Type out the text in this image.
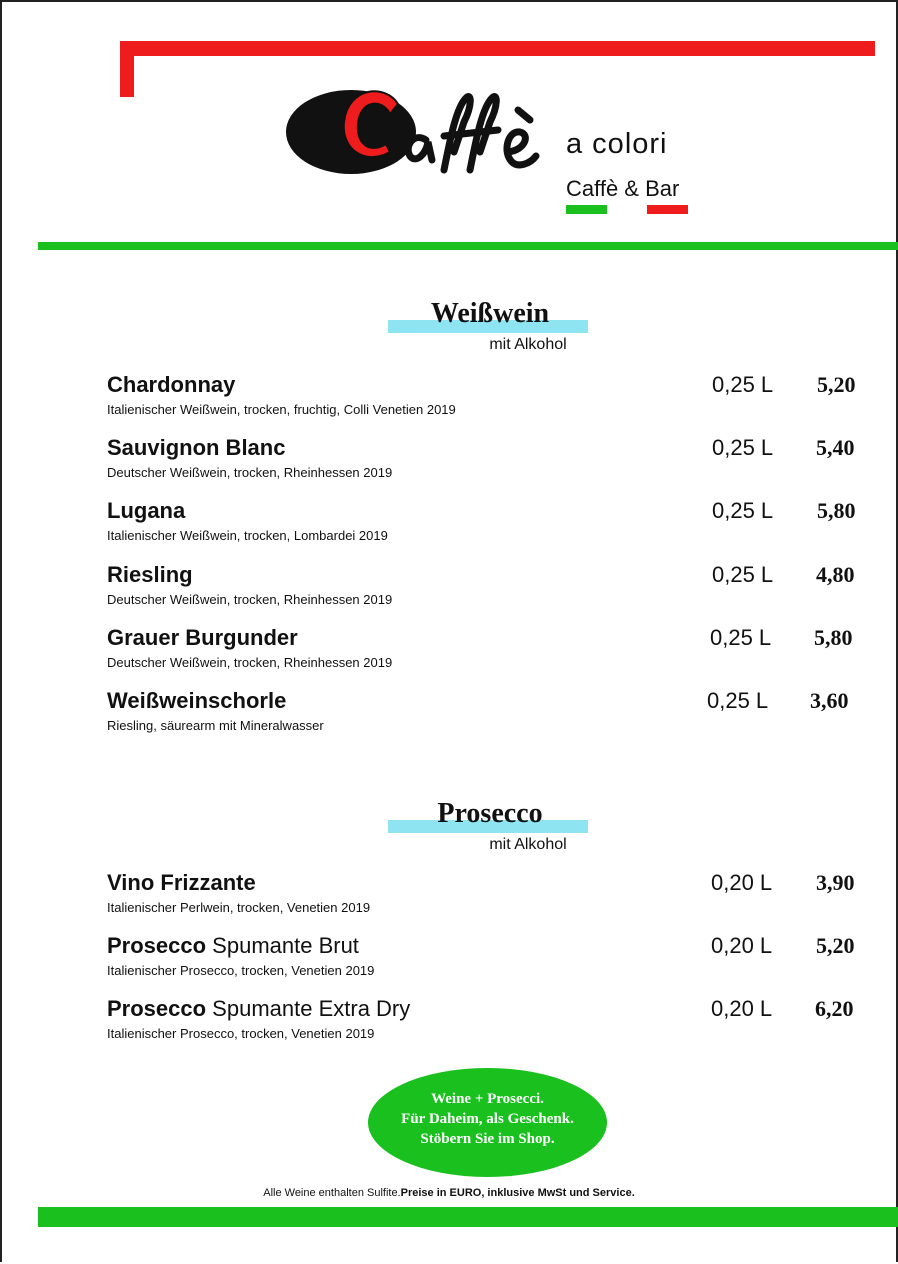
a colori
Caffè & Bar
Weißwein
mit Alkohol
Chardonnay
Italienischer Weißwein, trocken, fruchtig, Colli Venetien 2019
0,25 L 5,20
Sauvignon Blanc
Deutscher Weißwein, trocken, Rheinhessen 2019
0,25 L 5,40
Lugana
Italienischer Weißwein, trocken, Lombardei 2019
0,25 L 5,80
Riesling
Deutscher Weißwein, trocken, Rheinhessen 2019
0,25 L 4,80
Grauer Burgunder
Deutscher Weißwein, trocken, Rheinhessen 2019
0,25 L 5,80
Weißweinschorle
Riesling, säurearm mit Mineralwasser
0,25 L 3,60
Prosecco
mit Alkohol
Vino Frizzante
Italienischer Perlwein, trocken, Venetien 2019
0,20 L 3,90
Prosecco Spumante Brut
Italienischer Prosecco, trocken, Venetien 2019
0,20 L 5,20
Prosecco Spumante Extra Dry
Italienischer Prosecco, trocken, Venetien 2019
0,20 L 6,20
Weine + Prosecci.
Für Daheim, als Geschenk.
Stöbern Sie im Shop.
Alle Weine enthalten Sulfite.Preise in EURO, inklusive MwSt und Service.
